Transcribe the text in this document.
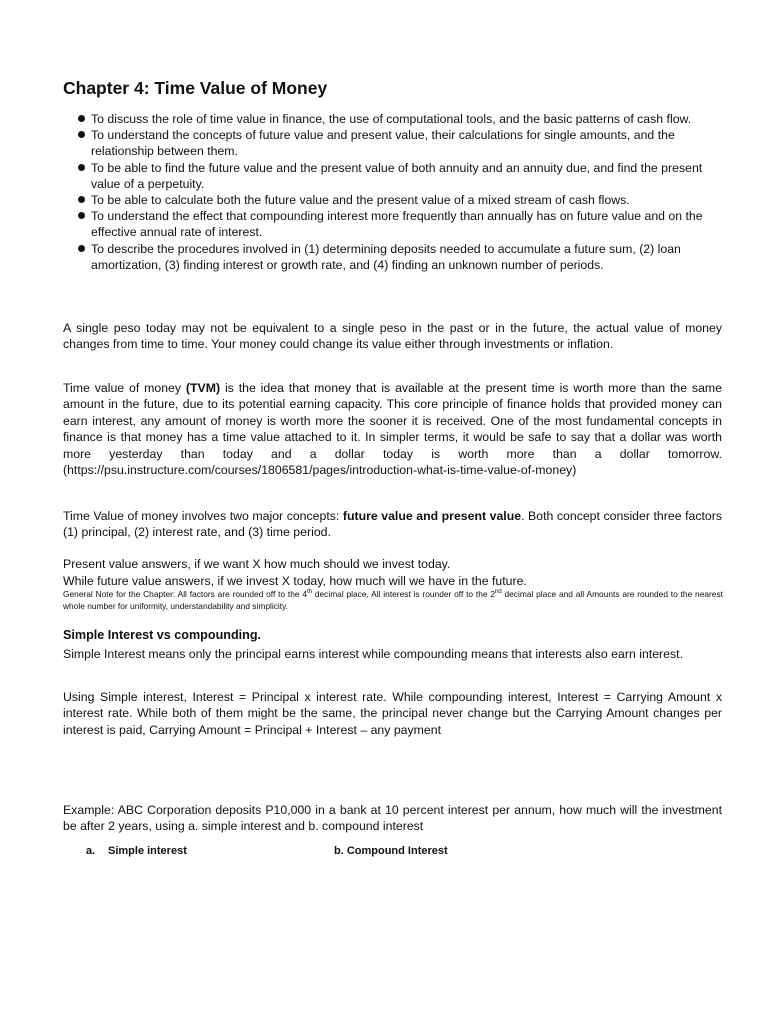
Chapter 4: Time Value of Money
To discuss the role of time value in finance, the use of computational tools, and the basic patterns of cash flow.
To understand the concepts of future value and present value, their calculations for single amounts, and the relationship between them.
To be able to find the future value and the present value of both annuity and an annuity due, and find the present value of a perpetuity.
To be able to calculate both the future value and the present value of a mixed stream of cash flows.
To understand the effect that compounding interest more frequently than annually has on future value and on the effective annual rate of interest.
To describe the procedures involved in (1) determining deposits needed to accumulate a future sum, (2) loan amortization, (3) finding interest or growth rate, and (4) finding an unknown number of periods.

A single peso today may not be equivalent to a single peso in the past or in the future, the actual value of money changes from time to time. Your money could change its value either through investments or inflation.

Time value of money (TVM) is the idea that money that is available at the present time is worth more than the same amount in the future, due to its potential earning capacity. This core principle of finance holds that provided money can earn interest, any amount of money is worth more the sooner it is received. One of the most fundamental concepts in finance is that money has a time value attached to it. In simpler terms, it would be safe to say that a dollar was worth more yesterday than today and a dollar today is worth more than a dollar tomorrow. (https://psu.instructure.com/courses/1806581/pages/introduction-what-is-time-value-of-money)

Time Value of money involves two major concepts: future value and present value. Both concept consider three factors (1) principal, (2) interest rate, and (3) time period.

Present value answers, if we want X how much should we invest today.

While future value answers, if we invest X today, how much will we have in the future.

General Note for the Chapter: All factors are rounded off to the 4th decimal place, All interest is rounder off to the 2nd decimal place and all Amounts are rounded to the nearest whole number for uniformity, understandability and simplicity.

Simple Interest vs compounding.

Simple Interest means only the principal earns interest while compounding means that interests also earn interest.

Using Simple interest, Interest = Principal x interest rate. While compounding interest, Interest = Carrying Amount x interest rate. While both of them might be the same, the principal never change but the Carrying Amount changes per interest is paid, Carrying Amount = Principal + Interest – any payment

Example: ABC Corporation deposits P10,000 in a bank at 10 percent interest per annum, how much will the investment be after 2 years, using a. simple interest and b. compound interest

a. Simple interest	b. Compound Interest
